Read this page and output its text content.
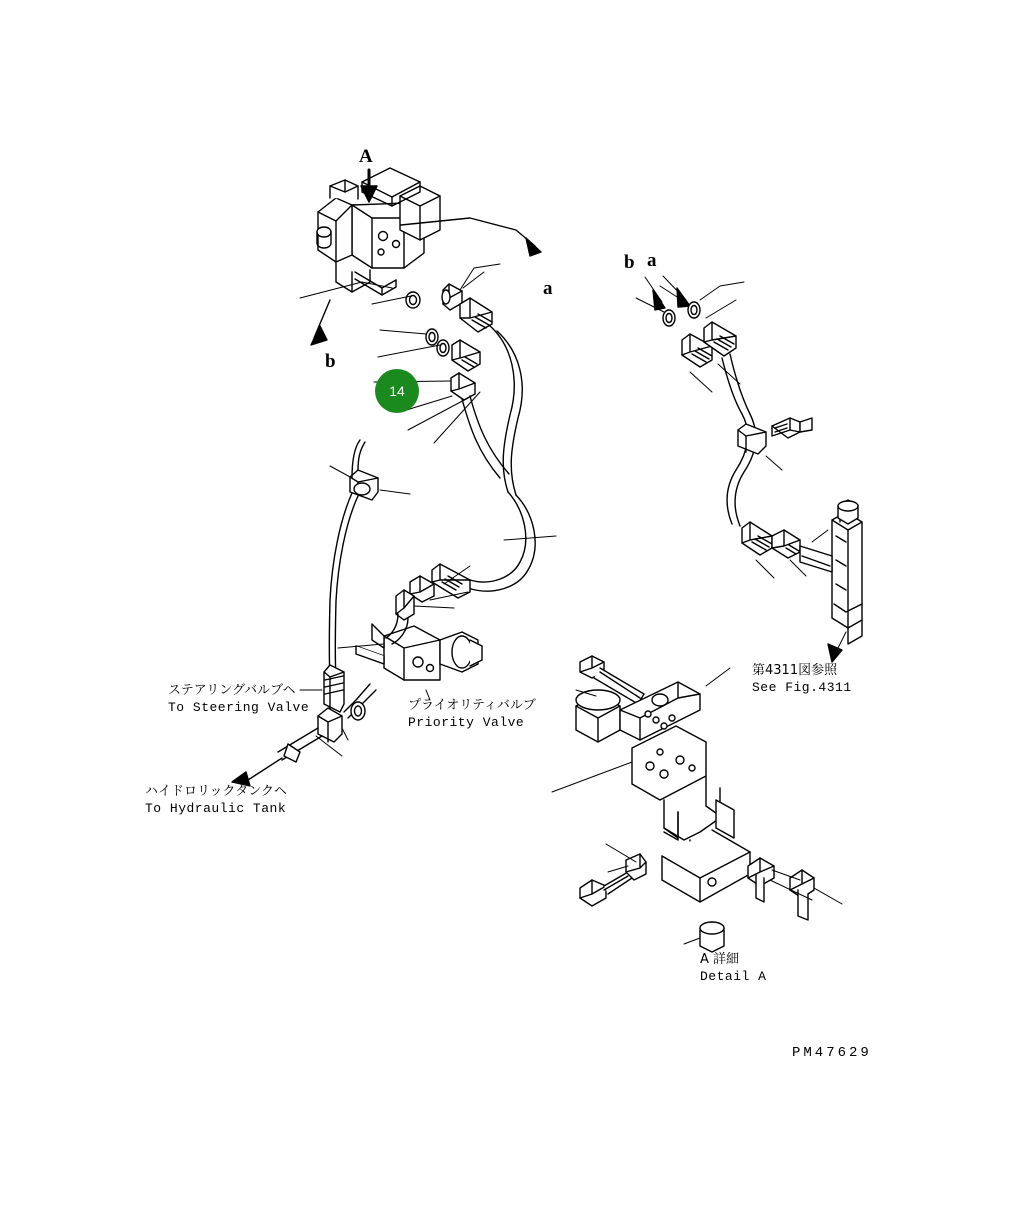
A
a
b
a
b
14
ステアリングバルブヘ
To Steering Valve	プライオリティバルブ
Priority Valve
ハイドロリックタンクヘ
To Hydraulic Tank
第4311図参照
See Fig.4311
A 詳細
Detail A
PM47629
